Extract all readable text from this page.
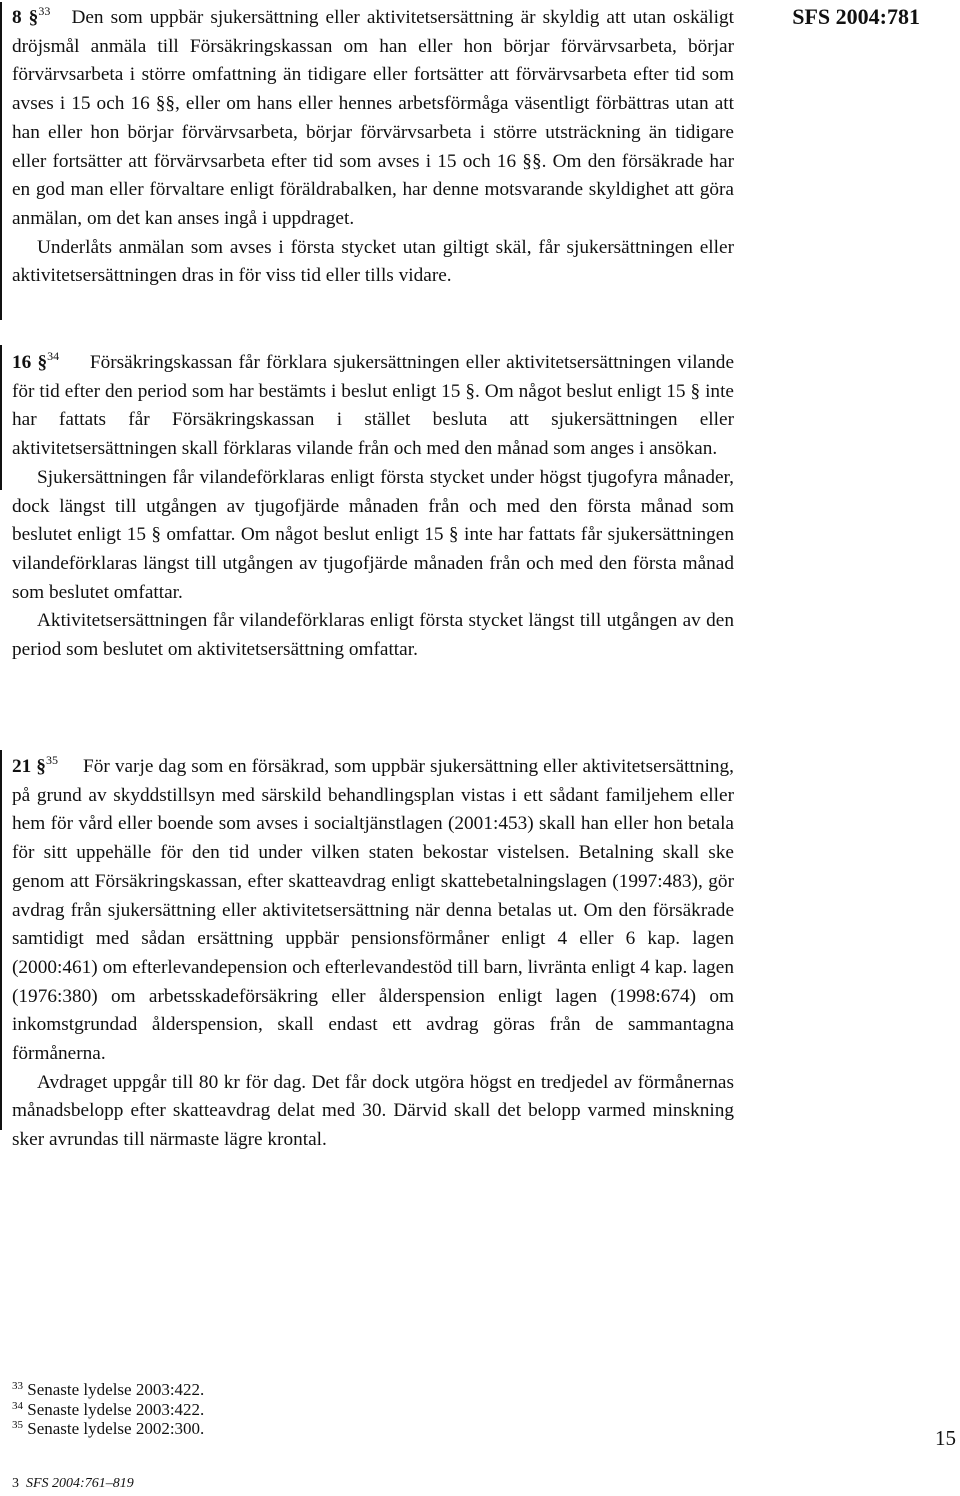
SFS 2004:781

8 §$^{33}$ Den som uppbär sjukersättning eller aktivitetsersättning är skyldig att utan oskäligt dröjsmål anmäla till Försäkringskassan om han eller hon börjar förvärvsarbeta, börjar förvärvsarbeta i större omfattning än tidigare eller fortsätter att förvärvsarbeta efter tid som avses i 15 och 16 §§, eller om hans eller hennes arbetsförmåga väsentligt förbättras utan att han eller hon börjar förvärvsarbeta, börjar förvärvsarbeta i större utsträckning än tidigare eller fortsätter att förvärvsarbeta efter tid som avses i 15 och 16 §§. Om den försäkrade har en god man eller förvaltare enligt föräldrabalken, har denne motsvarande skyldighet att göra anmälan, om det kan anses ingå i uppdraget.

Underlåts anmälan som avses i första stycket utan giltigt skäl, får sjukersättningen eller aktivitetsersättningen dras in för viss tid eller tills vidare.

16 §$^{34}$ Försäkringskassan får förklara sjukersättningen eller aktivitetsersättningen vilande för tid efter den period som har bestämts i beslut enligt 15 §. Om något beslut enligt 15 § inte har fattats får Försäkringskassan i stället besluta att sjukersättningen eller aktivitetsersättningen skall förklaras vilande från och med den månad som anges i ansökan.

Sjukersättningen får vilandeförklaras enligt första stycket under högst tjugofyra månader, dock längst till utgången av tjugofjärde månaden från och med den första månad som beslutet enligt 15 § omfattar. Om något beslut enligt 15 § inte har fattats får sjukersättningen vilandeförklaras längst till utgången av tjugofjärde månaden från och med den första månad som beslutet omfattar.

Aktivitetsersättningen får vilandeförklaras enligt första stycket längst till utgången av den period som beslutet om aktivitetsersättning omfattar.

21 §$^{35}$ För varje dag som en försäkrad, som uppbär sjukersättning eller aktivitetsersättning, på grund av skyddstillsyn med särskild behandlingsplan vistas i ett sådant familjehem eller hem för vård eller boende som avses i socialtjänstlagen (2001:453) skall han eller hon betala för sitt uppehälle för den tid under vilken staten bekostar vistelsen. Betalning skall ske genom att Försäkringskassan, efter skatteavdrag enligt skattebetalningslagen (1997:483), gör avdrag från sjukersättning eller aktivitetsersättning när denna betalas ut. Om den försäkrade samtidigt med sådan ersättning uppbär pensionsförmåner enligt 4 eller 6 kap. lagen (2000:461) om efterlevandepension och efterlevandestöd till barn, livränta enligt 4 kap. lagen (1976:380) om arbetsskadeförsäkring eller ålderspension enligt lagen (1998:674) om inkomstgrundad ålderspension, skall endast ett avdrag göras från de sammantagna förmånerna.

Avdraget uppgår till 80 kr för dag. Det får dock utgöra högst en tredjedel av förmånernas månadsbelopp efter skatteavdrag delat med 30. Därvid skall det belopp varmed minskning sker avrundas till närmaste lägre krontal.

$^{33}$ Senaste lydelse 2003:422.
$^{34}$ Senaste lydelse 2003:422.
$^{35}$ Senaste lydelse 2002:300.	15
3 SFS 2004:761–819
